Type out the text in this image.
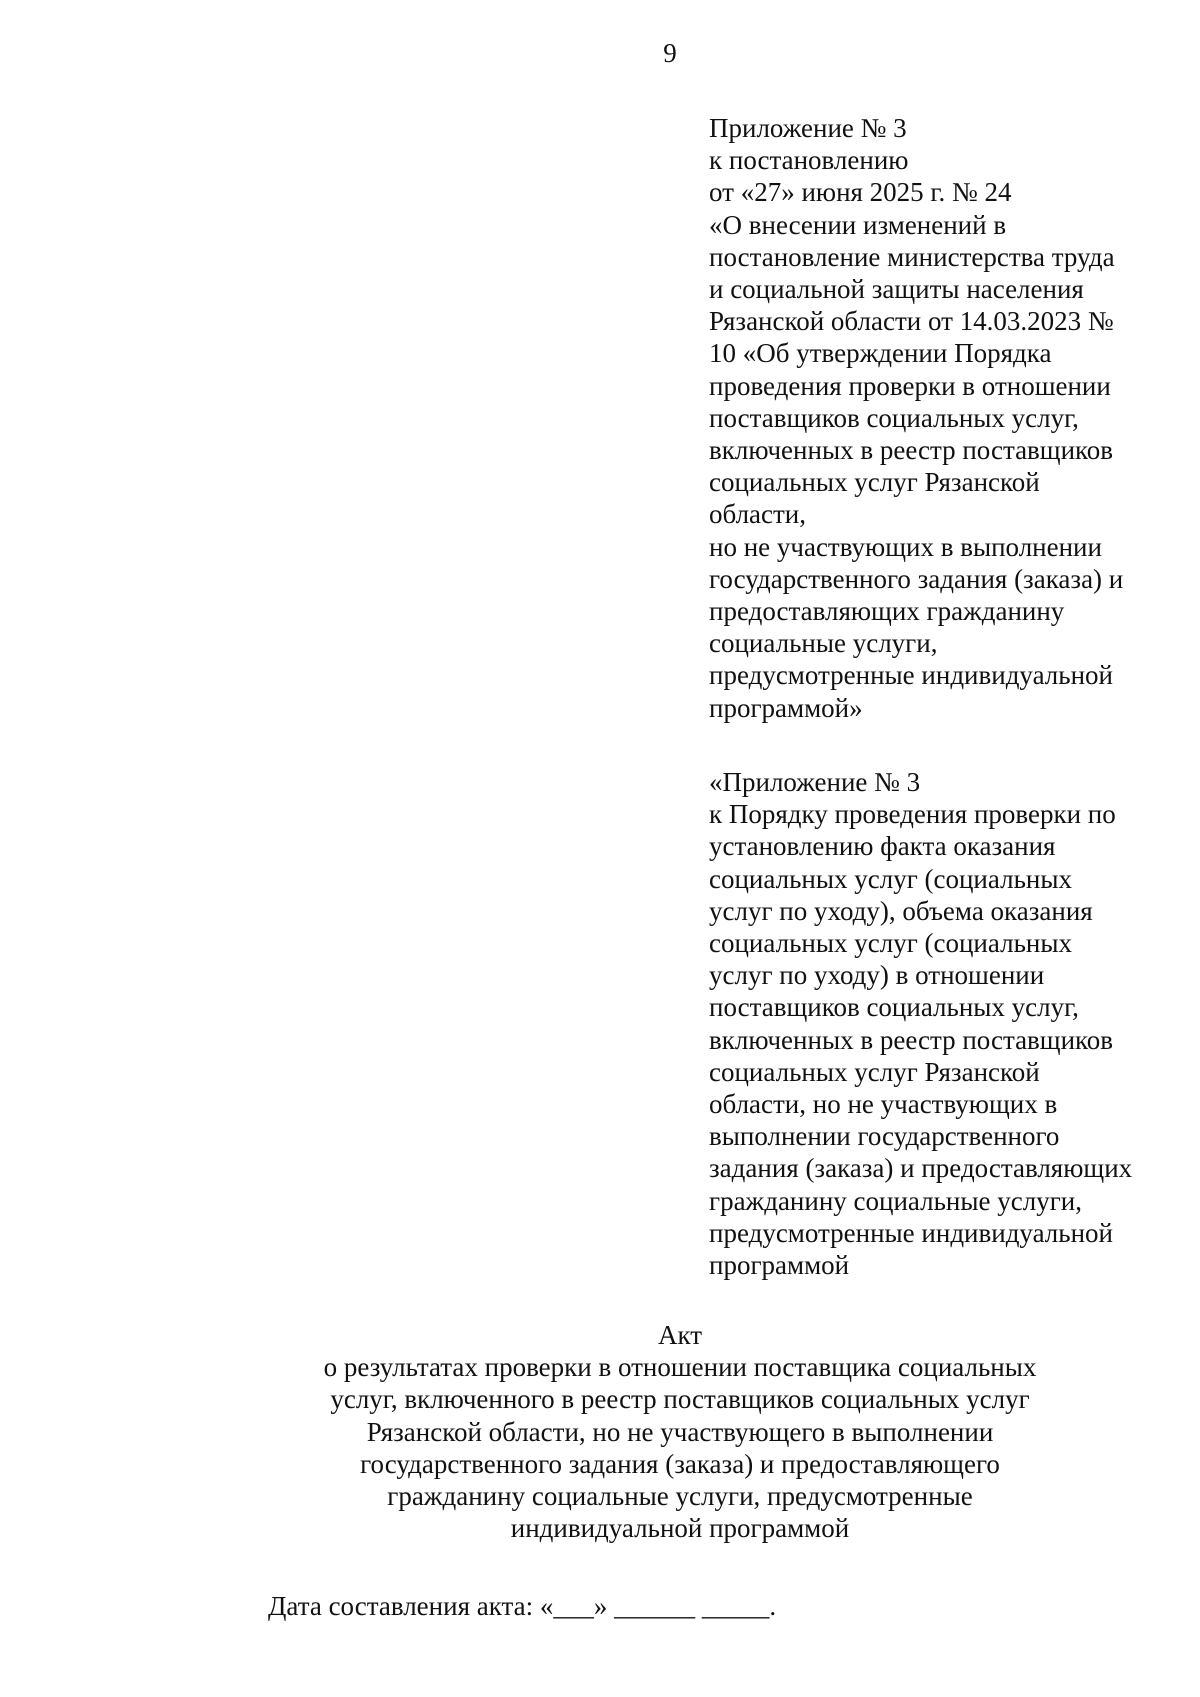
9
Приложение № 3
к постановлению
от «27» июня 2025 г. № 24
«О внесении изменений в
постановление министерства труда
и социальной защиты населения
Рязанской области от 14.03.2023 №
10 «Об утверждении Порядка
проведения проверки в отношении
поставщиков социальных услуг,
включенных в реестр поставщиков
социальных услуг Рязанской
области,
но не участвующих в выполнении
государственного задания (заказа) и
предоставляющих гражданину
социальные услуги,
предусмотренные индивидуальной
программой»
«Приложение № 3
к Порядку проведения проверки по
установлению факта оказания
социальных услуг (социальных
услуг по уходу), объема оказания
социальных услуг (социальных
услуг по уходу) в отношении
поставщиков социальных услуг,
включенных в реестр поставщиков
социальных услуг Рязанской
области, но не участвующих в
выполнении государственного
задания (заказа) и предоставляющих
гражданину социальные услуги,
предусмотренные индивидуальной
программой
Акт
о результатах проверки в отношении поставщика социальных
услуг, включенного в реестр поставщиков социальных услуг
Рязанской области, но не участвующего в выполнении
государственного задания (заказа) и предоставляющего
гражданину социальные услуги, предусмотренные
индивидуальной программой
Дата составления акта: «___» ______ _____.
